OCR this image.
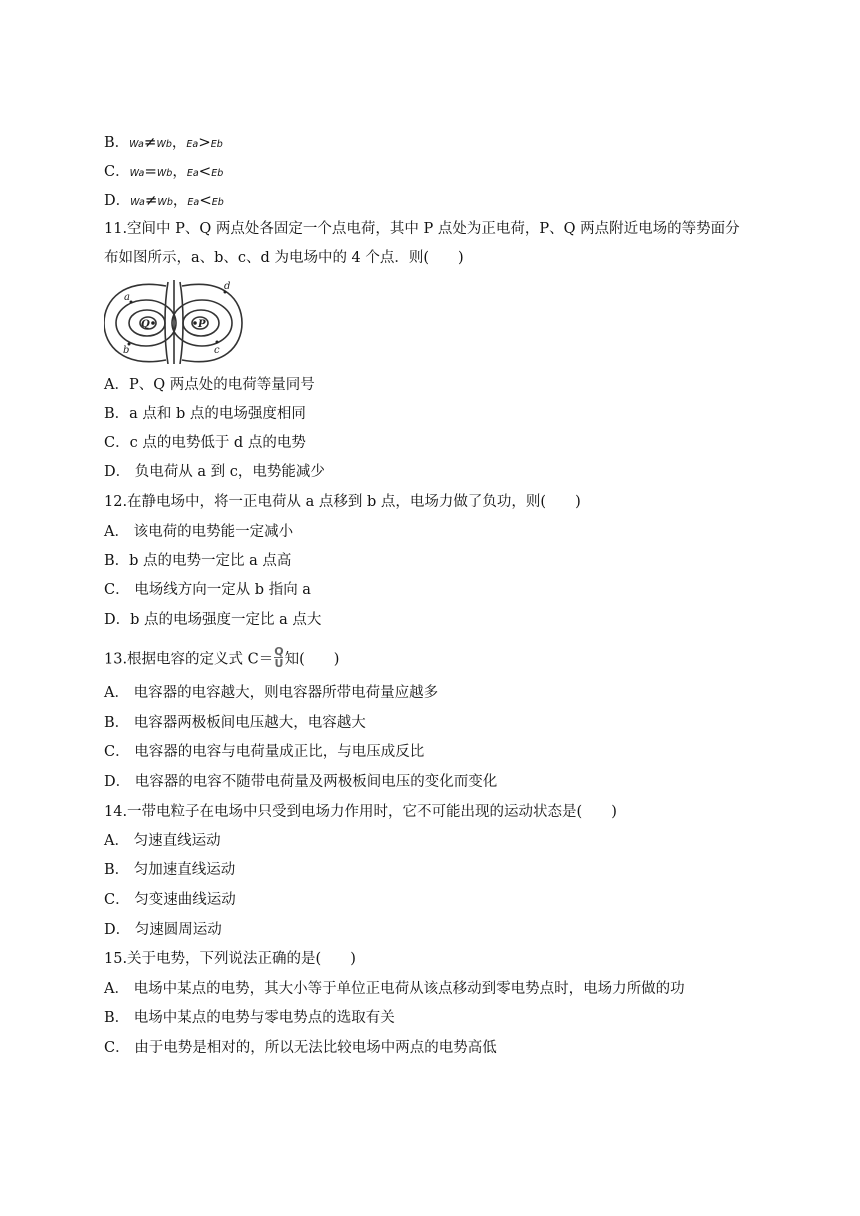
B．Wa≠Wb，Ea>Eb
C．Wa=Wb，Ea<Eb
D．Wa≠Wb，Ea<Eb
11.空间中 P、Q 两点处各固定一个点电荷，其中 P 点处为正电荷，P、Q 两点附近电场的等势面分
布如图所示，a、b、c、d 为电场中的 4 个点．则(　　)
a
b	c
d
Q	P
A．P、Q 两点处的电荷等量同号
B．a 点和 b 点的电场强度相同
C．c 点的电势低于 d 点的电势
D． 负电荷从 a 到 c，电势能减少
12.在静电场中，将一正电荷从 a 点移到 b 点，电场力做了负功，则(　　)
A． 该电荷的电势能一定减小
B．b 点的电势一定比 a 点高
C． 电场线方向一定从 b 指向 a
D．b 点的电场强度一定比 a 点大
13.根据电容的定义式 $C= \frac{Q}{U}$ 知(　　)
A． 电容器的电容越大，则电容器所带电荷量应越多
B． 电容器两极板间电压越大，电容越大
C． 电容器的电容与电荷量成正比，与电压成反比
D． 电容器的电容不随带电荷量及两极板间电压的变化而变化
14.一带电粒子在电场中只受到电场力作用时，它不可能出现的运动状态是(　　)
A． 匀速直线运动
B． 匀加速直线运动
C． 匀变速曲线运动
D． 匀速圆周运动
15.关于电势，下列说法正确的是(　　)
A． 电场中某点的电势，其大小等于单位正电荷从该点移动到零电势点时，电场力所做的功
B． 电场中某点的电势与零电势点的选取有关
C． 由于电势是相对的，所以无法比较电场中两点的电势高低
